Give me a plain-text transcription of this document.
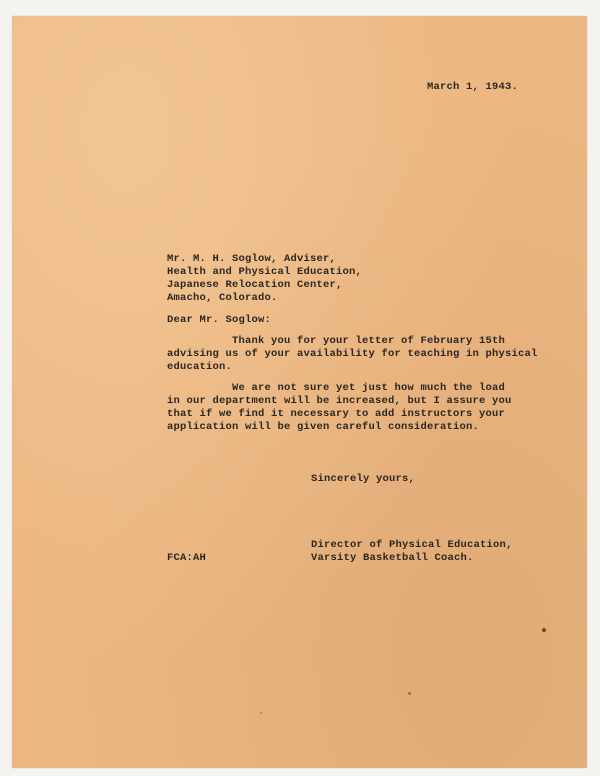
March 1, 1943.
Mr. M. H. Soglow, Adviser,
Health and Physical Education,
Japanese Relocation Center,
Amacho, Colorado.
Dear Mr. Soglow:
Thank you for your letter of February 15th
advising us of your availability for teaching in physical
education.
We are not sure yet just how much the load
in our department will be increased, but I assure you
that if we find it necessary to add instructors your
application will be given careful consideration.
Sincerely yours,
Director of Physical Education,
Varsity Basketball Coach.
FCA:AH
